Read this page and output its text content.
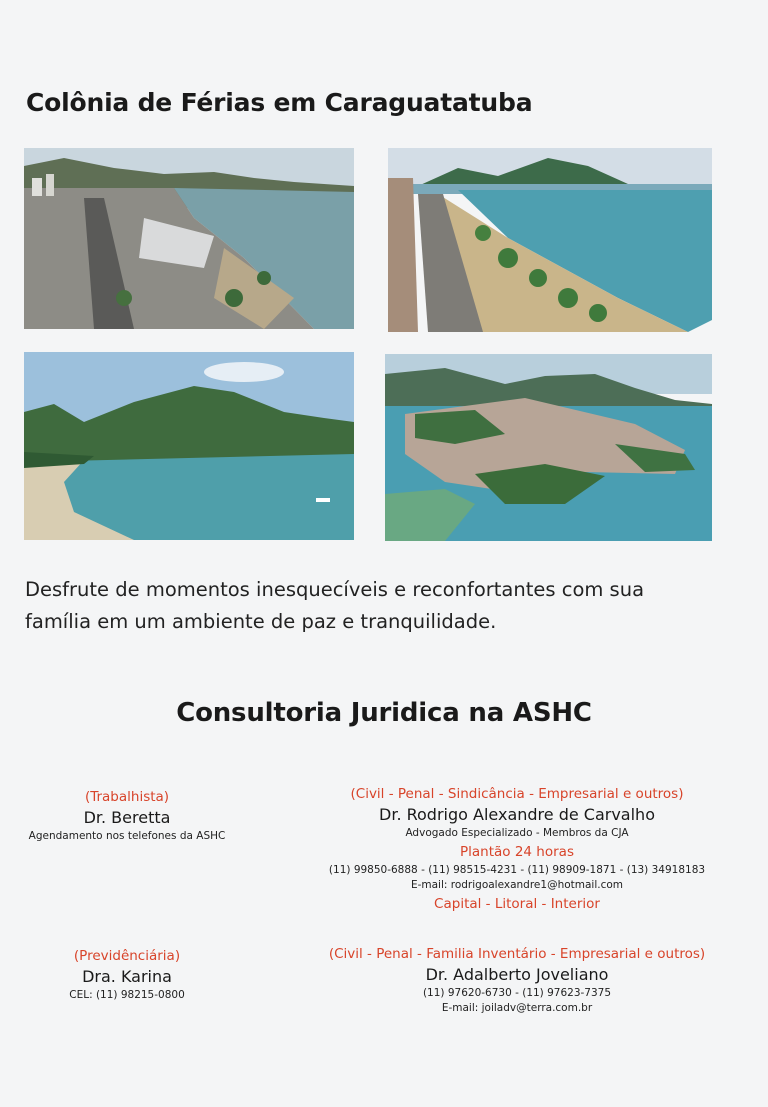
Colônia de Férias em Caraguatatuba
Desfrute de momentos inesquecíveis e reconfortantes com sua
família em um ambiente de paz e tranquilidade.
Consultoria Juridica na ASHC
(Trabalhista)
Dr. Beretta
Agendamento nos telefones da ASHC
(Civil - Penal - Sindicância - Empresarial e outros)
Dr. Rodrigo Alexandre de Carvalho
Advogado Especializado - Membros da CJA
Plantão 24 horas
(11) 99850-6888 - (11) 98515-4231 - (11) 98909-1871 - (13) 34918183
E-mail: rodrigoalexandre1@hotmail.com
Capital - Litoral - Interior
(Previdênciária)
Dra. Karina
CEL: (11) 98215-0800
(Civil - Penal - Familia Inventário - Empresarial e outros)
Dr. Adalberto Joveliano
(11) 97620-6730 - (11) 97623-7375
E-mail: joiladv@terra.com.br
